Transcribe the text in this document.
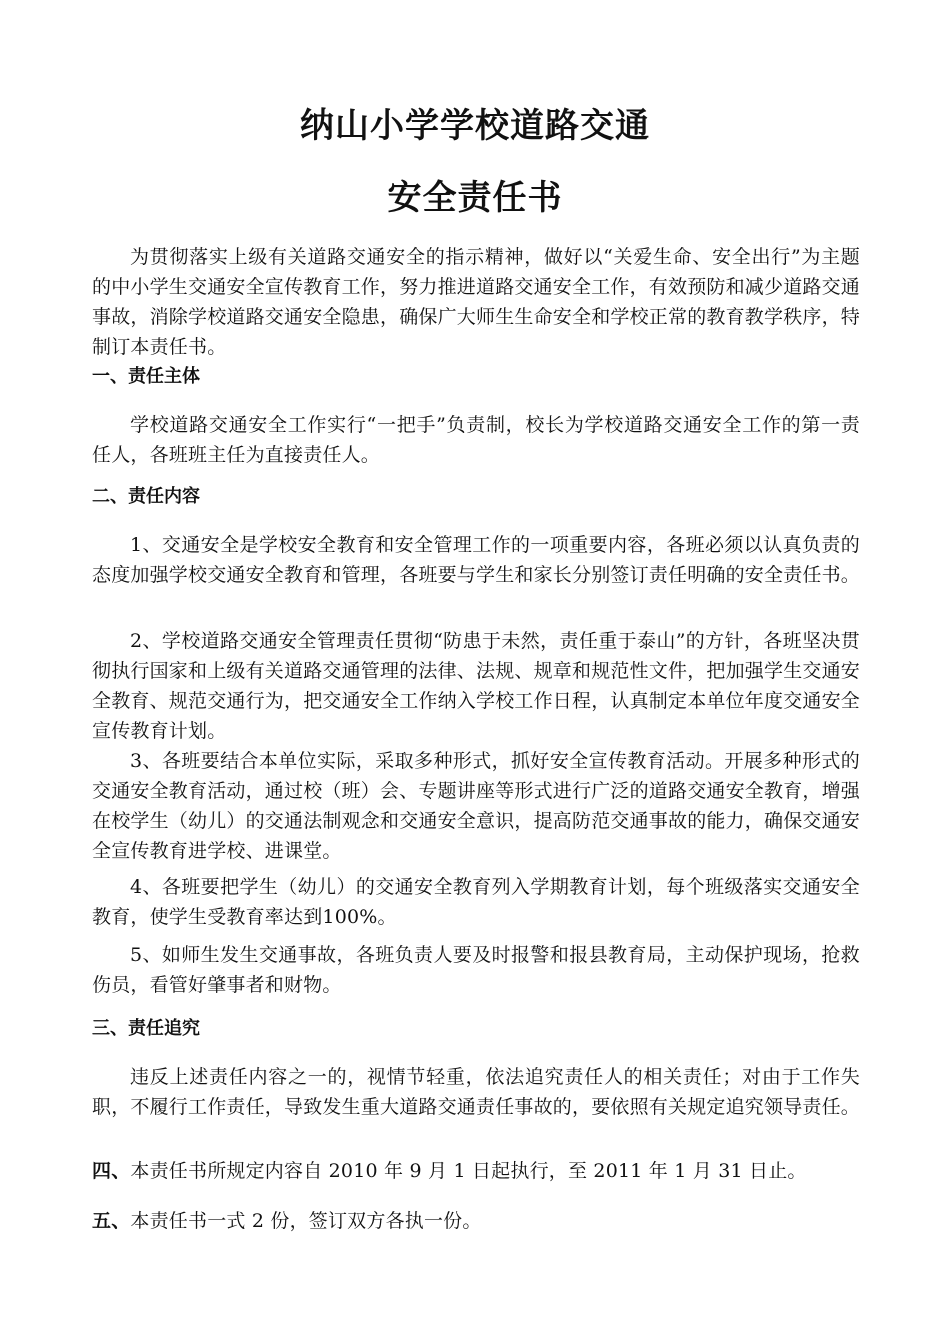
纳山小学学校道路交通
安全责任书

为贯彻落实上级有关道路交通安全的指示精神，做好以“关爱生命、安全出行”为主题的中小学生交通安全宣传教育工作，努力推进道路交通安全工作，有效预防和减少道路交通事故，消除学校道路交通安全隐患，确保广大师生生命安全和学校正常的教育教学秩序，特制订本责任书。

一、责任主体

学校道路交通安全工作实行“一把手”负责制，校长为学校道路交通安全工作的第一责任人，各班班主任为直接责任人。

二、责任内容

1、交通安全是学校安全教育和安全管理工作的一项重要内容，各班必须以认真负责的态度加强学校交通安全教育和管理，各班要与学生和家长分别签订责任明确的安全责任书。

2、学校道路交通安全管理责任贯彻“防患于未然，责任重于泰山”的方针，各班坚决贯彻执行国家和上级有关道路交通管理的法律、法规、规章和规范性文件，把加强学生交通安全教育、规范交通行为，把交通安全工作纳入学校工作日程，认真制定本单位年度交通安全宣传教育计划。

3、各班要结合本单位实际，采取多种形式，抓好安全宣传教育活动。开展多种形式的交通安全教育活动，通过校（班）会、专题讲座等形式进行广泛的道路交通安全教育，增强在校学生（幼儿）的交通法制观念和交通安全意识，提高防范交通事故的能力，确保交通安全宣传教育进学校、进课堂。

4、各班要把学生（幼儿）的交通安全教育列入学期教育计划，每个班级落实交通安全教育，使学生受教育率达到100%。

5、如师生发生交通事故，各班负责人要及时报警和报县教育局，主动保护现场，抢救伤员，看管好肇事者和财物。

三、责任追究

违反上述责任内容之一的，视情节轻重，依法追究责任人的相关责任；对由于工作失职，不履行工作责任，导致发生重大道路交通责任事故的，要依照有关规定追究领导责任。

四、本责任书所规定内容自 2010 年 9 月 1 日起执行，至 2011 年 1 月 31 日止。

五、本责任书一式 2 份，签订双方各执一份。
